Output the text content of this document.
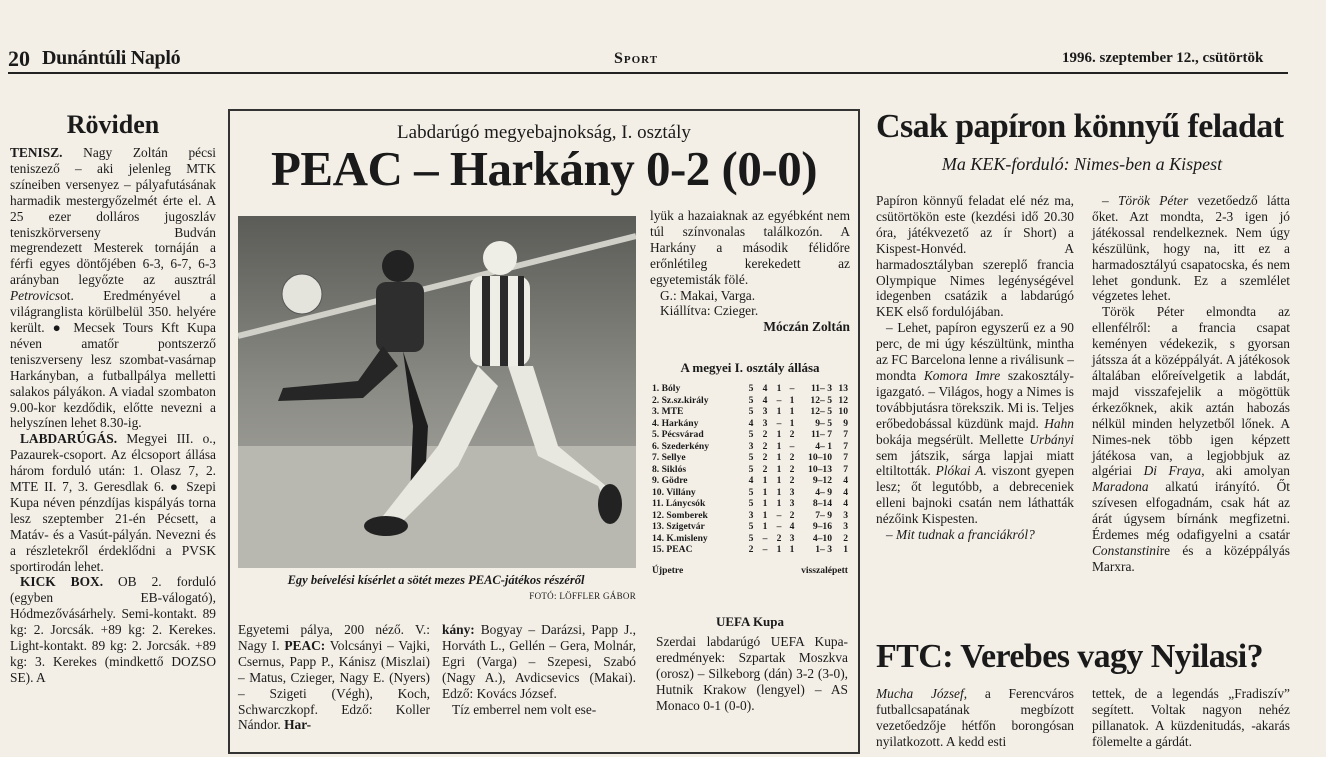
20 Dunántúli Napló	Sport	1996. szeptember 12., csütörtök
Röviden

TENISZ. Nagy Zoltán pécsi teniszező – aki jelenleg MTK színeiben versenyez – pályafutásának harmadik mestergyőzelmét érte el. A 25 ezer dolláros jugoszláv teniszkörverseny Budván megrendezett Mesterek tornáján a férfi egyes döntőjében 6-3, 6-7, 6-3 arányban legyőzte az ausztrál Petrovicsot. Eredményével a világranglista körülbelül 350. helyére került. ● Mecsek Tours Kft Kupa néven amatőr pontszerző teniszverseny lesz szombat-vasárnap Harkányban, a futballpálya melletti salakos pályákon. A viadal szombaton 9.00-kor kezdődik, előtte nevezni a helyszínen lehet 8.30-ig.

LABDARÚGÁS. Megyei III. o., Pazaurek-csoport. Az élcsoport állása három forduló után: 1. Olasz 7, 2. MTE II. 7, 3. Geresdlak 6. ● Szepi Kupa néven pénzdíjas kispályás torna lesz szeptember 21-én Pécsett, a Matáv- és a Vasút-pályán. Nevezni és a részletekről érdeklődni a PVSK sportirodán lehet.

KICK BOX. OB 2. forduló (egyben EB-válogató), Hódmezővásárhely. Semi-kontakt. 89 kg: 2. Jorcsák. +89 kg: 2. Kerekes. Light-kontakt. 89 kg: 2. Jorcsák. +89 kg: 3. Kerekes (mindkettő DOZSO SE). A

Labdarúgó megyebajnokság, I. osztály
PEAC – Harkány 0-2 (0-0)
Egy beívelési kísérlet a sötét mezes PEAC-játékos részéről
FOTÓ: LÖFFLER GÁBOR

lyük a hazaiaknak az egyébként nem túl színvonalas találkozón. A Harkány a második félidőre erőnlétileg kerekedett az egyetemisták fölé.

G.: Makai, Varga.

Kiállítva: Czieger.

Móczán Zoltán

A megyei I. osztály állása
1. Bóly	5	4	1	–	11– 3	13
2. Sz.sz.király	5	4	–	1	12– 5	12
3. MTE	5	3	1	1	12– 5	10
4. Harkány	4	3	–	1	9– 5	9
5. Pécsvárad	5	2	1	2	11– 7	7
6. Szederkény	3	2	1	–	4– 1	7
7. Sellye	5	2	1	2	10–10	7
8. Siklós	5	2	1	2	10–13	7
9. Gödre	4	1	1	2	9–12	4
10. Villány	5	1	1	3	4– 9	4
11. Lánycsók	5	1	1	3	8–14	4
12. Somberek	3	1	–	2	7– 9	3
13. Szigetvár	5	1	–	4	9–16	3
14. K.misleny	5	–	2	3	4–10	2
15. PEAC	2	–	1	1	1– 3	1
Újpetre	visszalépett

Egyetemi pálya, 200 néző. V.: Nagy I. PEAC: Volcsányi – Vajki, Csernus, Papp P., Kánisz (Miszlai) – Matus, Czieger, Nagy E. (Nyers) – Szigeti (Végh), Koch, Schwarczkopf. Edző: Koller Nándor. Har-

kány: Bogyay – Darázsi, Papp J., Horváth L., Gellén – Gera, Molnár, Egri (Varga) – Szepesi, Szabó (Nagy A.), Avdicsevics (Makai). Edző: Kovács József.

Tíz emberrel nem volt ese-

UEFA Kupa

Szerdai labdarúgó UEFA Kupa-eredmények: Szpartak Moszkva (orosz) – Silkeborg (dán) 3-2 (3-0), Hutnik Krakow (lengyel) – AS Monaco 0-1 (0-0).

Csak papíron könnyű feladat
Ma KEK-forduló: Nimes-ben a Kispest

Papíron könnyű feladat elé néz ma, csütörtökön este (kezdési idő 20.30 óra, játékvezető az ír Short) a Kispest-Honvéd. A harmadosztályban szereplő francia Olympique Nimes legénységével idegenben csatázik a labdarúgó KEK első fordulójában.

– Lehet, papíron egyszerű ez a 90 perc, de mi úgy készültünk, mintha az FC Barcelona lenne a riválisunk – mondta Komora Imre szakosztály-igazgató. – Világos, hogy a Nimes is továbbjutásra törekszik. Mi is. Teljes erőbedobással küzdünk majd. Hahn bokája megsérült. Mellette Urbányi sem játszik, sárga lapjai miatt eltiltották. Plókai A. viszont gyepen lesz; őt legutóbb, a debreceniek elleni bajnoki csatán nem láthatták nézőink Kispesten.

– Mit tudnak a franciákról?

– Török Péter vezetőedző látta őket. Azt mondta, 2-3 igen jó játékossal rendelkeznek. Nem úgy készülünk, hogy na, itt ez a harmadosztályú csapatocska, és nem lehet gondunk. Ez a szemlélet végzetes lehet.

Török Péter elmondta az ellenfélről: a francia csapat keményen védekezik, s gyorsan játssza át a középpályát. A játékosok általában előreívelgetik a labdát, majd visszafejelik a mögöttük érkezőknek, akik aztán habozás nélkül minden helyzetből lőnek. A Nimes-nek több igen képzett játékosa van, a legjobbjuk az algériai Di Fraya, aki amolyan Maradona alkatú irányító. Őt szívesen elfogadnám, csak hát az árát úgysem bírnánk megfizetni. Érdemes még odafigyelni a csatár Constanstinire és a középpályás Marxra.

FTC: Verebes vagy Nyilasi?

Mucha József, a Ferencváros futballcsapatának megbízott vezetőedzője hétfőn borongósan nyilatkozott. A kedd esti

tettek, de a legendás „Fradiszív” segített. Voltak nagyon nehéz pillanatok. A küzdenitudás, -akarás fölemelte a gárdát.
